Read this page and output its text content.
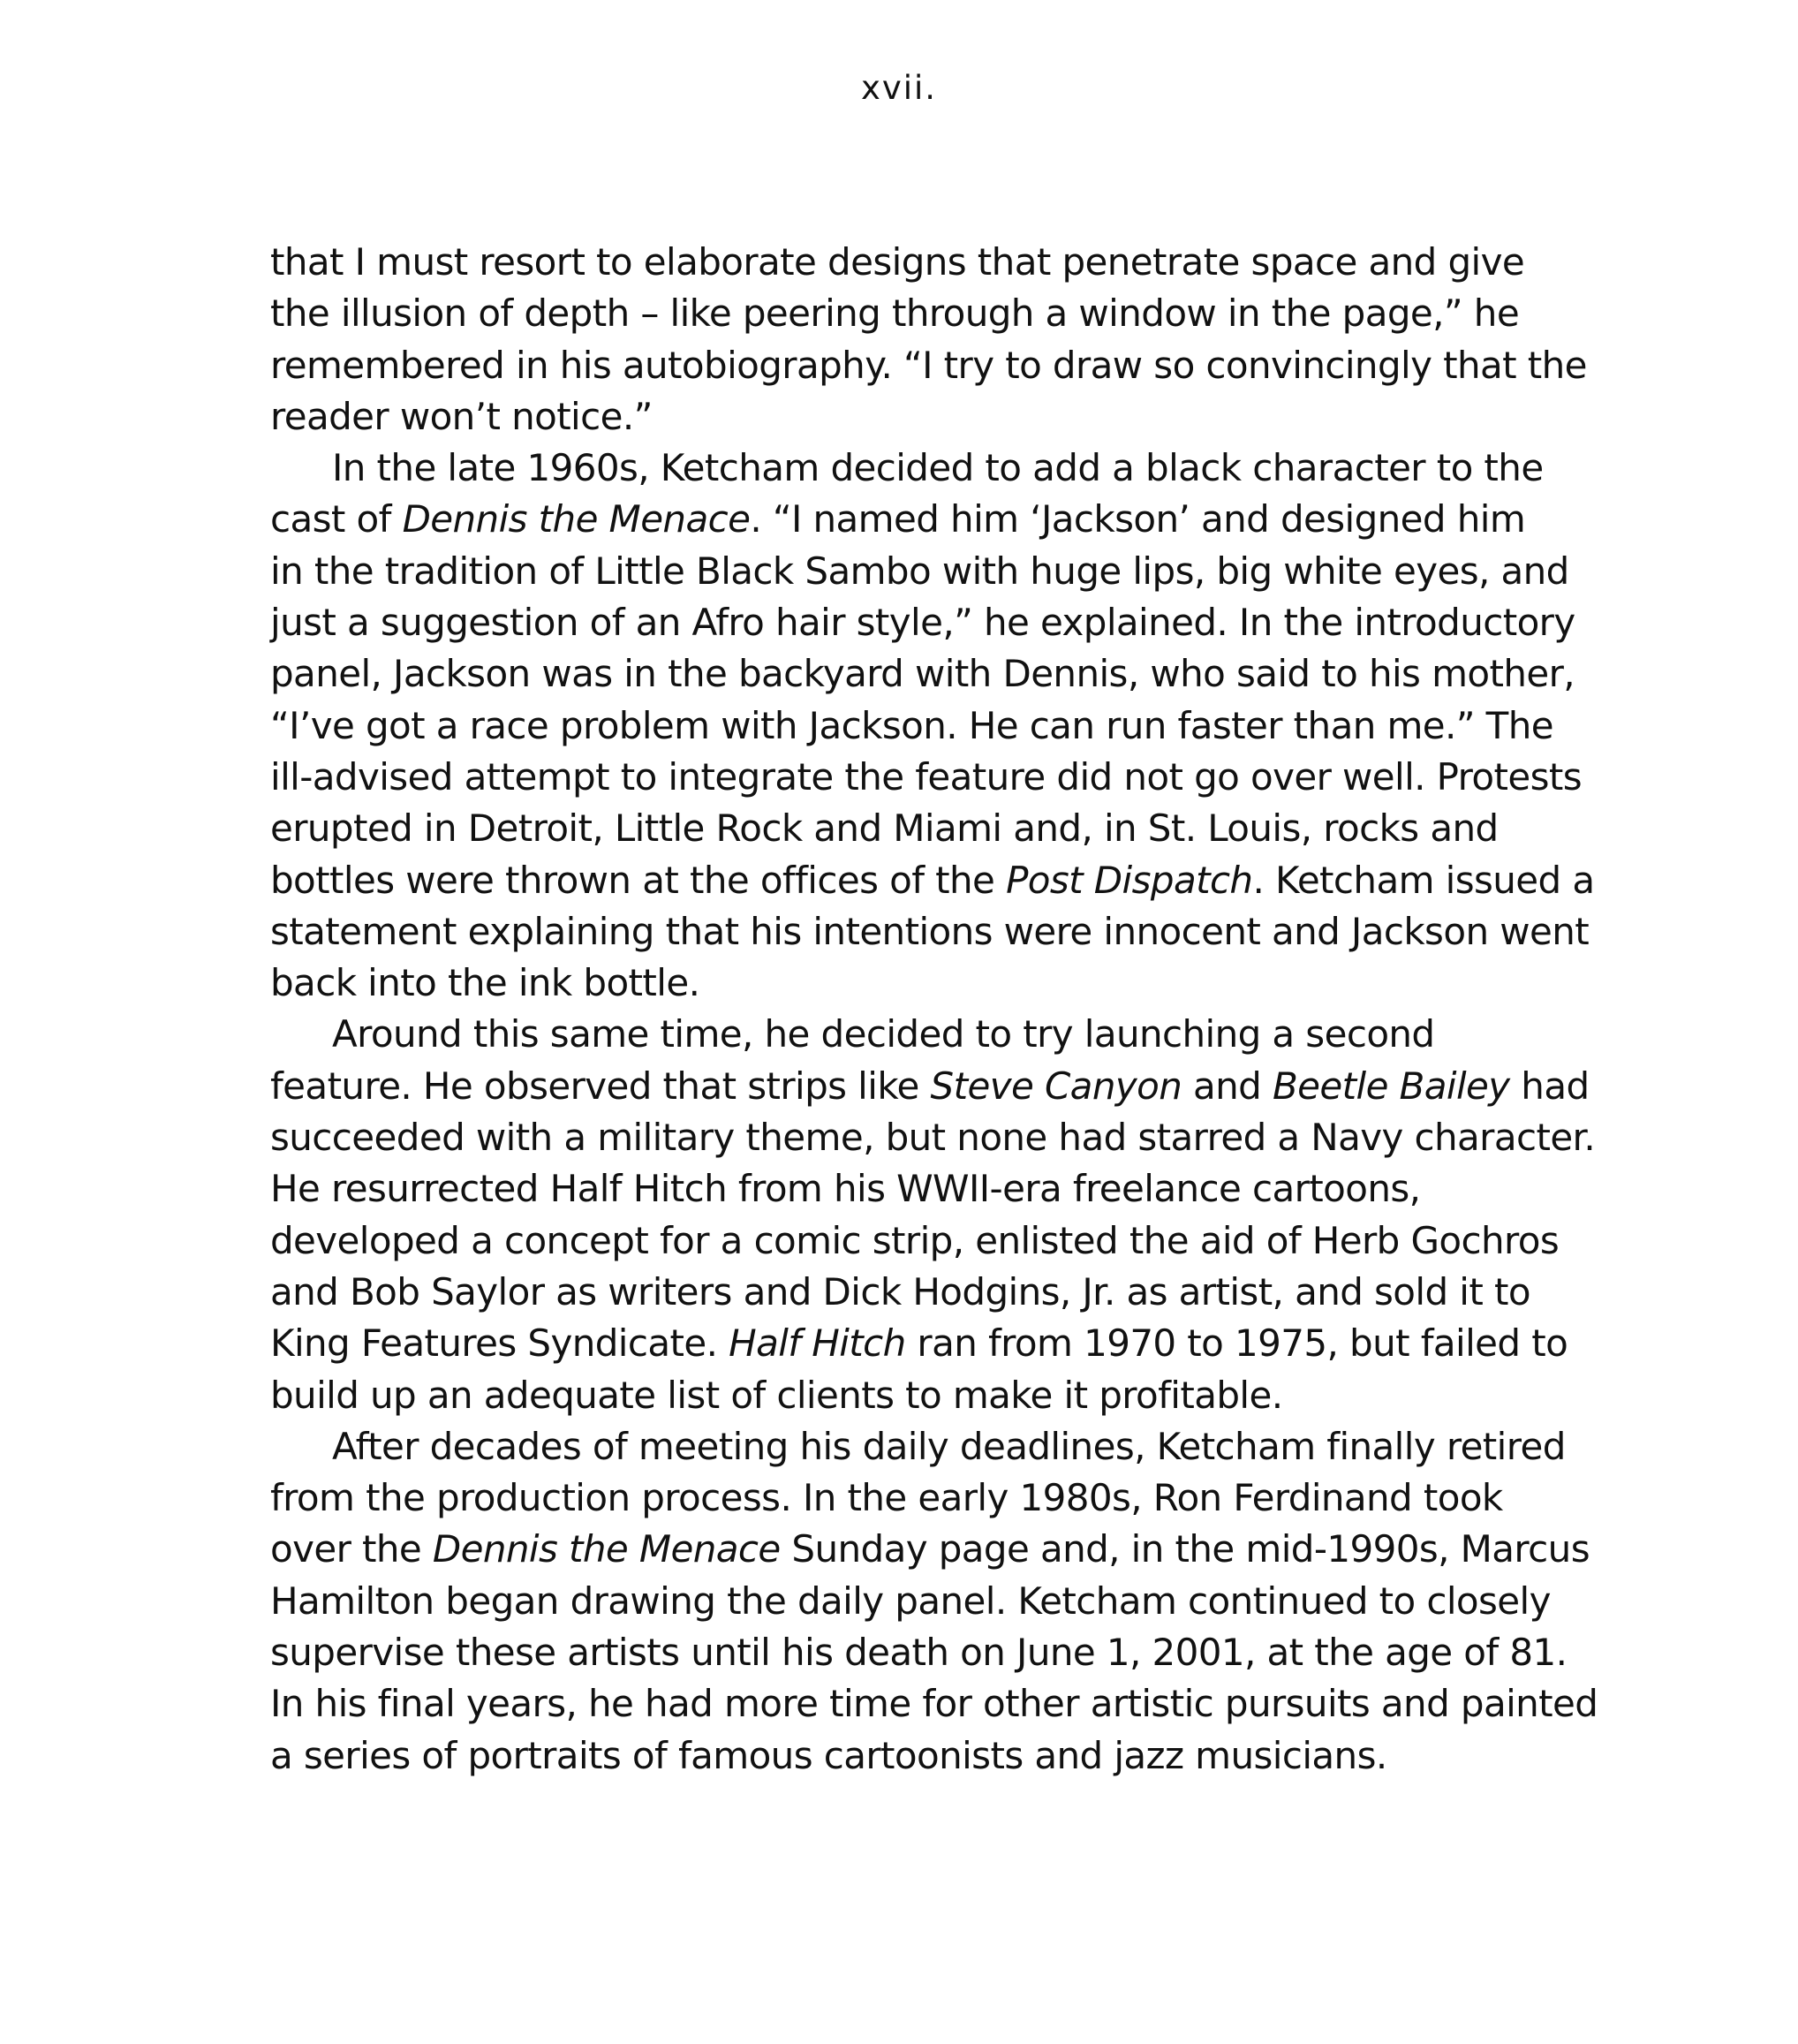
xvii.
that I must resort to elaborate designs that penetrate space and give
the illusion of depth – like peering through a window in the page,” he
remembered in his autobiography. “I try to draw so convincingly that the
reader won’t notice.”
In the late 1960s, Ketcham decided to add a black character to the
cast of Dennis the Menace. “I named him ‘Jackson’ and designed him
in the tradition of Little Black Sambo with huge lips, big white eyes, and
just a suggestion of an Afro hair style,” he explained. In the introductory
panel, Jackson was in the backyard with Dennis, who said to his mother,
“I’ve got a race problem with Jackson. He can run faster than me.” The
ill-advised attempt to integrate the feature did not go over well. Protests
erupted in Detroit, Little Rock and Miami and, in St. Louis, rocks and
bottles were thrown at the offices of the Post Dispatch. Ketcham issued a
statement explaining that his intentions were innocent and Jackson went
back into the ink bottle.
Around this same time, he decided to try launching a second
feature. He observed that strips like Steve Canyon and Beetle Bailey had
succeeded with a military theme, but none had starred a Navy character.
He resurrected Half Hitch from his WWII-era freelance cartoons,
developed a concept for a comic strip, enlisted the aid of Herb Gochros
and Bob Saylor as writers and Dick Hodgins, Jr. as artist, and sold it to
King Features Syndicate. Half Hitch ran from 1970 to 1975, but failed to
build up an adequate list of clients to make it profitable.
After decades of meeting his daily deadlines, Ketcham finally retired
from the production process. In the early 1980s, Ron Ferdinand took
over the Dennis the Menace Sunday page and, in the mid-1990s, Marcus
Hamilton began drawing the daily panel. Ketcham continued to closely
supervise these artists until his death on June 1, 2001, at the age of 81.
In his final years, he had more time for other artistic pursuits and painted
a series of portraits of famous cartoonists and jazz musicians.
